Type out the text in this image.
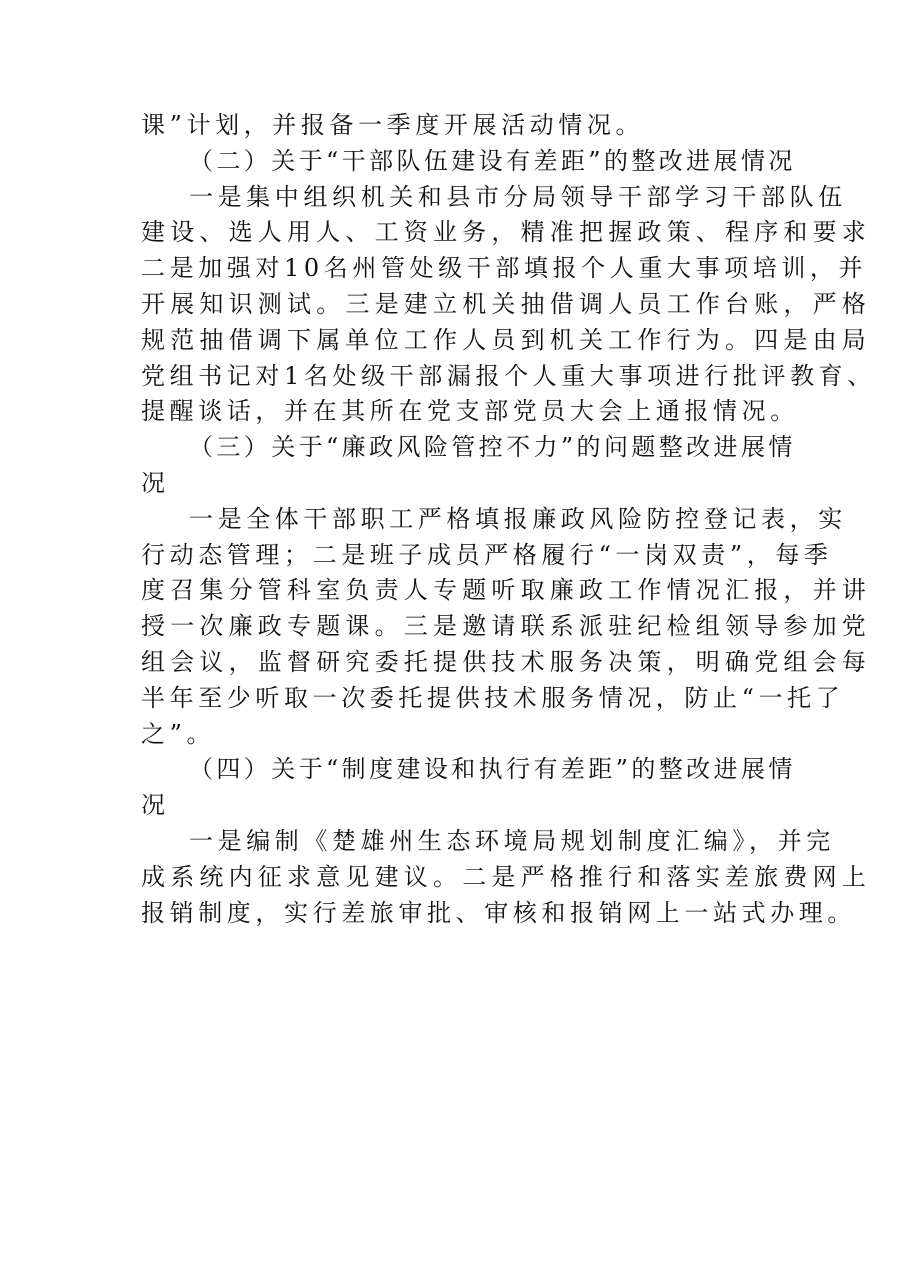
课”计划，并报备一季度开展活动情况。
（二）关于“干部队伍建设有差距”的整改进展情况
一是集中组织机关和县市分局领导干部学习干部队伍
建设、选人用人、工资业务，精准把握政策、程序和要求
二是加强对10名州管处级干部填报个人重大事项培训，并
开展知识测试。三是建立机关抽借调人员工作台账，严格
规范抽借调下属单位工作人员到机关工作行为。四是由局
党组书记对1名处级干部漏报个人重大事项进行批评教育、
提醒谈话，并在其所在党支部党员大会上通报情况。
（三）关于“廉政风险管控不力”的问题整改进展情
况
一是全体干部职工严格填报廉政风险防控登记表，实
行动态管理；二是班子成员严格履行“一岗双责”，每季
度召集分管科室负责人专题听取廉政工作情况汇报，并讲
授一次廉政专题课。三是邀请联系派驻纪检组领导参加党
组会议，监督研究委托提供技术服务决策，明确党组会每
半年至少听取一次委托提供技术服务情况，防止“一托了
之”。
（四）关于“制度建设和执行有差距”的整改进展情
况
一是编制《楚雄州生态环境局规划制度汇编》，并完
成系统内征求意见建议。二是严格推行和落实差旅费网上
报销制度，实行差旅审批、审核和报销网上一站式办理。
